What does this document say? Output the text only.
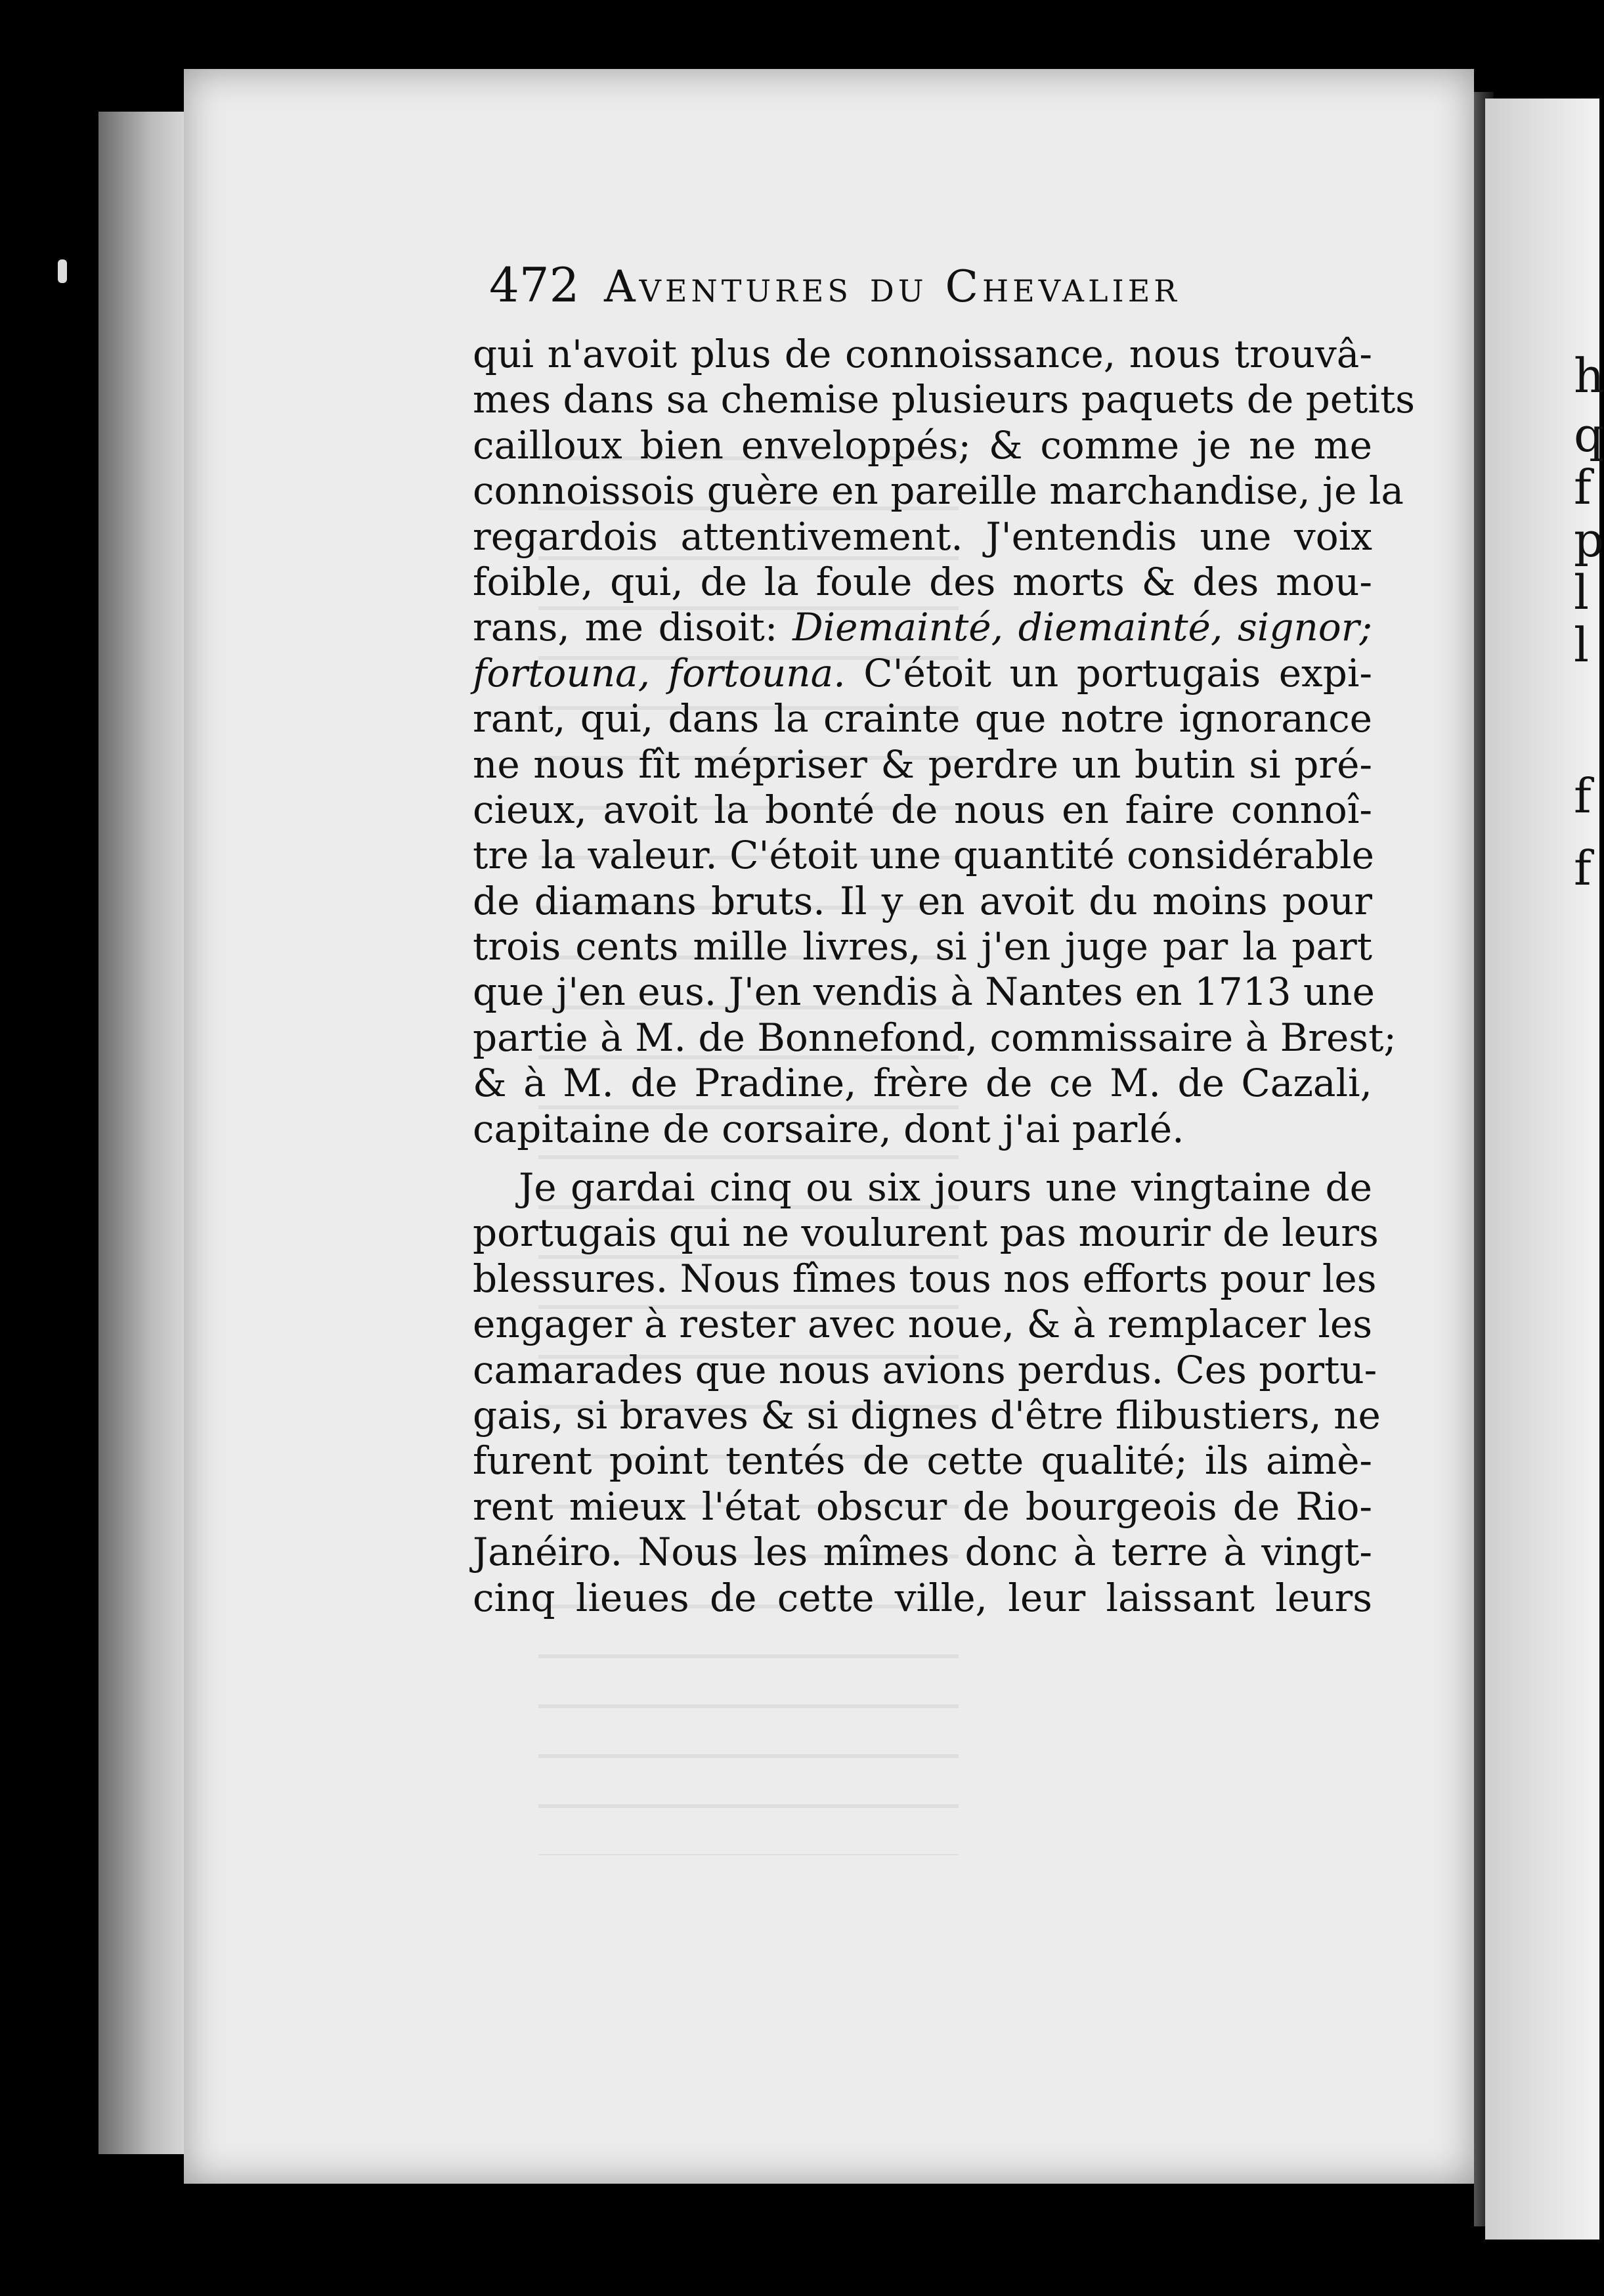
h
q
f
p
l
l
f
f
472 Aventures du Chevalier
qui n'avoit plus de connoissance, nous trouvâ-
mes dans sa chemise plusieurs paquets de petits
cailloux bien enveloppés; & comme je ne me
connoissois guère en pareille marchandise, je la
regardois attentivement. J'entendis une voix
foible, qui, de la foule des morts & des mou-
rans, me disoit: Diemainté, diemainté, signor;
fortouna, fortouna. C'étoit un portugais expi-
rant, qui, dans la crainte que notre ignorance
ne nous fît mépriser & perdre un butin si pré-
cieux, avoit la bonté de nous en faire connoî-
tre la valeur. C'étoit une quantité considérable
de diamans bruts. Il y en avoit du moins pour
trois cents mille livres, si j'en juge par la part
que j'en eus. J'en vendis à Nantes en 1713 une
partie à M. de Bonnefond, commissaire à Brest;
& à M. de Pradine, frère de ce M. de Cazali,
capitaine de corsaire, dont j'ai parlé.
Je gardai cinq ou six jours une vingtaine de
portugais qui ne voulurent pas mourir de leurs
blessures. Nous fîmes tous nos efforts pour les
engager à rester avec noue, & à remplacer les
camarades que nous avions perdus. Ces portu-
gais, si braves & si dignes d'être flibustiers, ne
furent point tentés de cette qualité; ils aimè-
rent mieux l'état obscur de bourgeois de Rio-
Janéiro. Nous les mîmes donc à terre à vingt-
cinq lieues de cette ville, leur laissant leurs
